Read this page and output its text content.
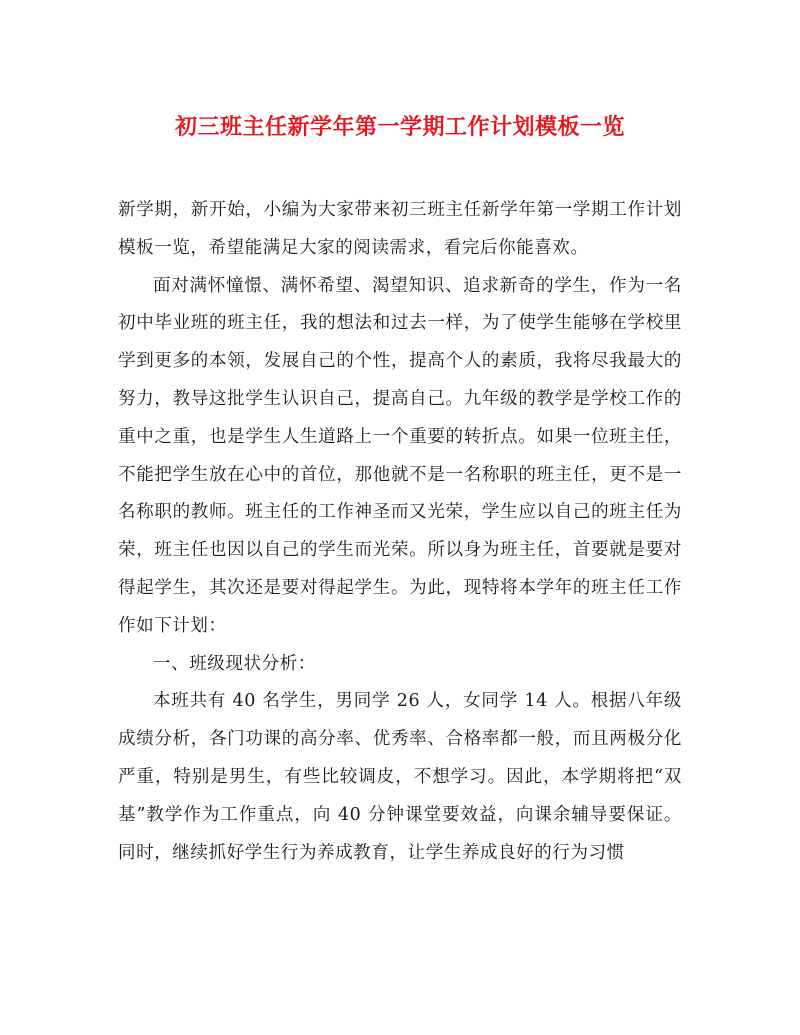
初三班主任新学年第一学期工作计划模板一览

新学期，新开始，小编为大家带来初三班主任新学年第一学期工作计划模板一览，希望能满足大家的阅读需求，看完后你能喜欢。

面对满怀憧憬、满怀希望、渴望知识、追求新奇的学生，作为一名初中毕业班的班主任，我的想法和过去一样，为了使学生能够在学校里学到更多的本领，发展自己的个性，提高个人的素质，我将尽我最大的努力，教导这批学生认识自己，提高自己。九年级的教学是学校工作的重中之重，也是学生人生道路上一个重要的转折点。如果一位班主任，不能把学生放在心中的首位，那他就不是一名称职的班主任，更不是一名称职的教师。班主任的工作神圣而又光荣，学生应以自己的班主任为荣，班主任也因以自己的学生而光荣。所以身为班主任，首要就是要对得起学生，其次还是要对得起学生。为此，现特将本学年的班主任工作作如下计划：

一、班级现状分析：

本班共有 40 名学生，男同学 26 人，女同学 14 人。根据八年级成绩分析，各门功课的高分率、优秀率、合格率都一般，而且两极分化严重，特别是男生，有些比较调皮，不想学习。因此，本学期将把“双基”教学作为工作重点，向 40 分钟课堂要效益，向课余辅导要保证。同时，继续抓好学生行为养成教育，让学生养成良好的行为习惯
